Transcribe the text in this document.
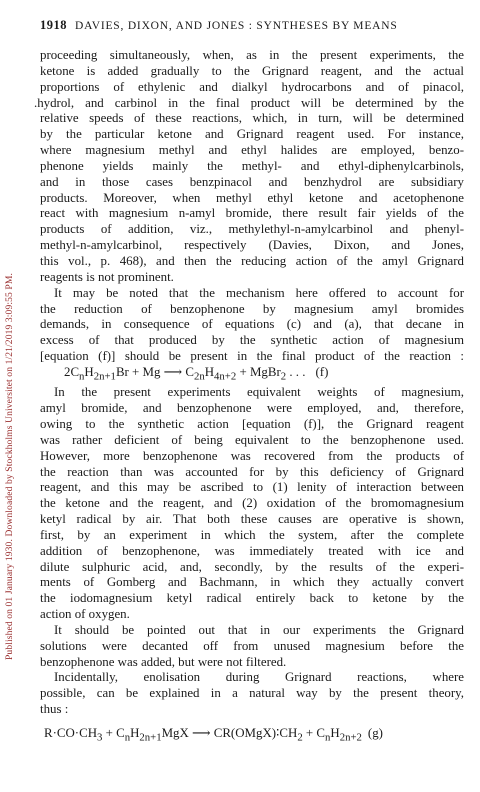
Published on 01 January 1930. Downloaded by Stockholms Universitet on 1/21/2019 3:09:55 PM.
1918 DAVIES, DIXON, AND JONES : SYNTHESES BY MEANS
proceeding simultaneously, when, as in the present experiments, the
ketone is added gradually to the Grignard reagent, and the actual
proportions of ethylenic and dialkyl hydrocarbons and of pinacol,
.hydrol, and carbinol in the final product will be determined by the
relative speeds of these reactions, which, in turn, will be determined
by the particular ketone and Grignard reagent used. For instance,
where magnesium methyl and ethyl halides are employed, benzo-
phenone yields mainly the methyl- and ethyl-diphenylcarbinols,
and in those cases benzpinacol and benzhydrol are subsidiary
products. Moreover, when methyl ethyl ketone and acetophenone
react with magnesium n-amyl bromide, there result fair yields of the
products of addition, viz., methylethyl-n-amylcarbinol and phenyl-
methyl-n-amylcarbinol, respectively (Davies, Dixon, and Jones,
this vol., p. 468), and then the reducing action of the amyl Grignard
reagents is not prominent.
It may be noted that the mechanism here offered to account for
the reduction of benzophenone by magnesium amyl bromides
demands, in consequence of equations (c) and (a), that decane in
excess of that produced by the synthetic action of magnesium
[equation (f)] should be present in the final product of the reaction :
$2C_nH_{2n+1}Br + Mg$ ⟶ $C_{2n}H_{4n+2}$ + MgBr$_2$ . . . (f)
In the present experiments equivalent weights of magnesium,
amyl bromide, and benzophenone were employed, and, therefore,
owing to the synthetic action [equation (f)], the Grignard reagent
was rather deficient of being equivalent to the benzophenone used.
However, more benzophenone was recovered from the products of
the reaction than was accounted for by this deficiency of Grignard
reagent, and this may be ascribed to (1) lenity of interaction between
the ketone and the reagent, and (2) oxidation of the bromomagnesium
ketyl radical by air. That both these causes are operative is shown,
first, by an experiment in which the system, after the complete
addition of benzophenone, was immediately treated with ice and
dilute sulphuric acid, and, secondly, by the results of the experi-
ments of Gomberg and Bachmann, in which they actually convert
the iodomagnesium ketyl radical entirely back to ketone by the
action of oxygen.
It should be pointed out that in our experiments the Grignard
solutions were decanted off from unused magnesium before the
benzophenone was added, but were not filtered.
Incidentally, enolisation during Grignard reactions, where
possible, can be explained in a natural way by the present theory,
thus :
$R\cdot CO\cdot CH_3 + C_nH_{2n+1}MgX$ ⟶ $CR(OMgX)∶CH_2 + C_nH_{2n+2}$ (g)
